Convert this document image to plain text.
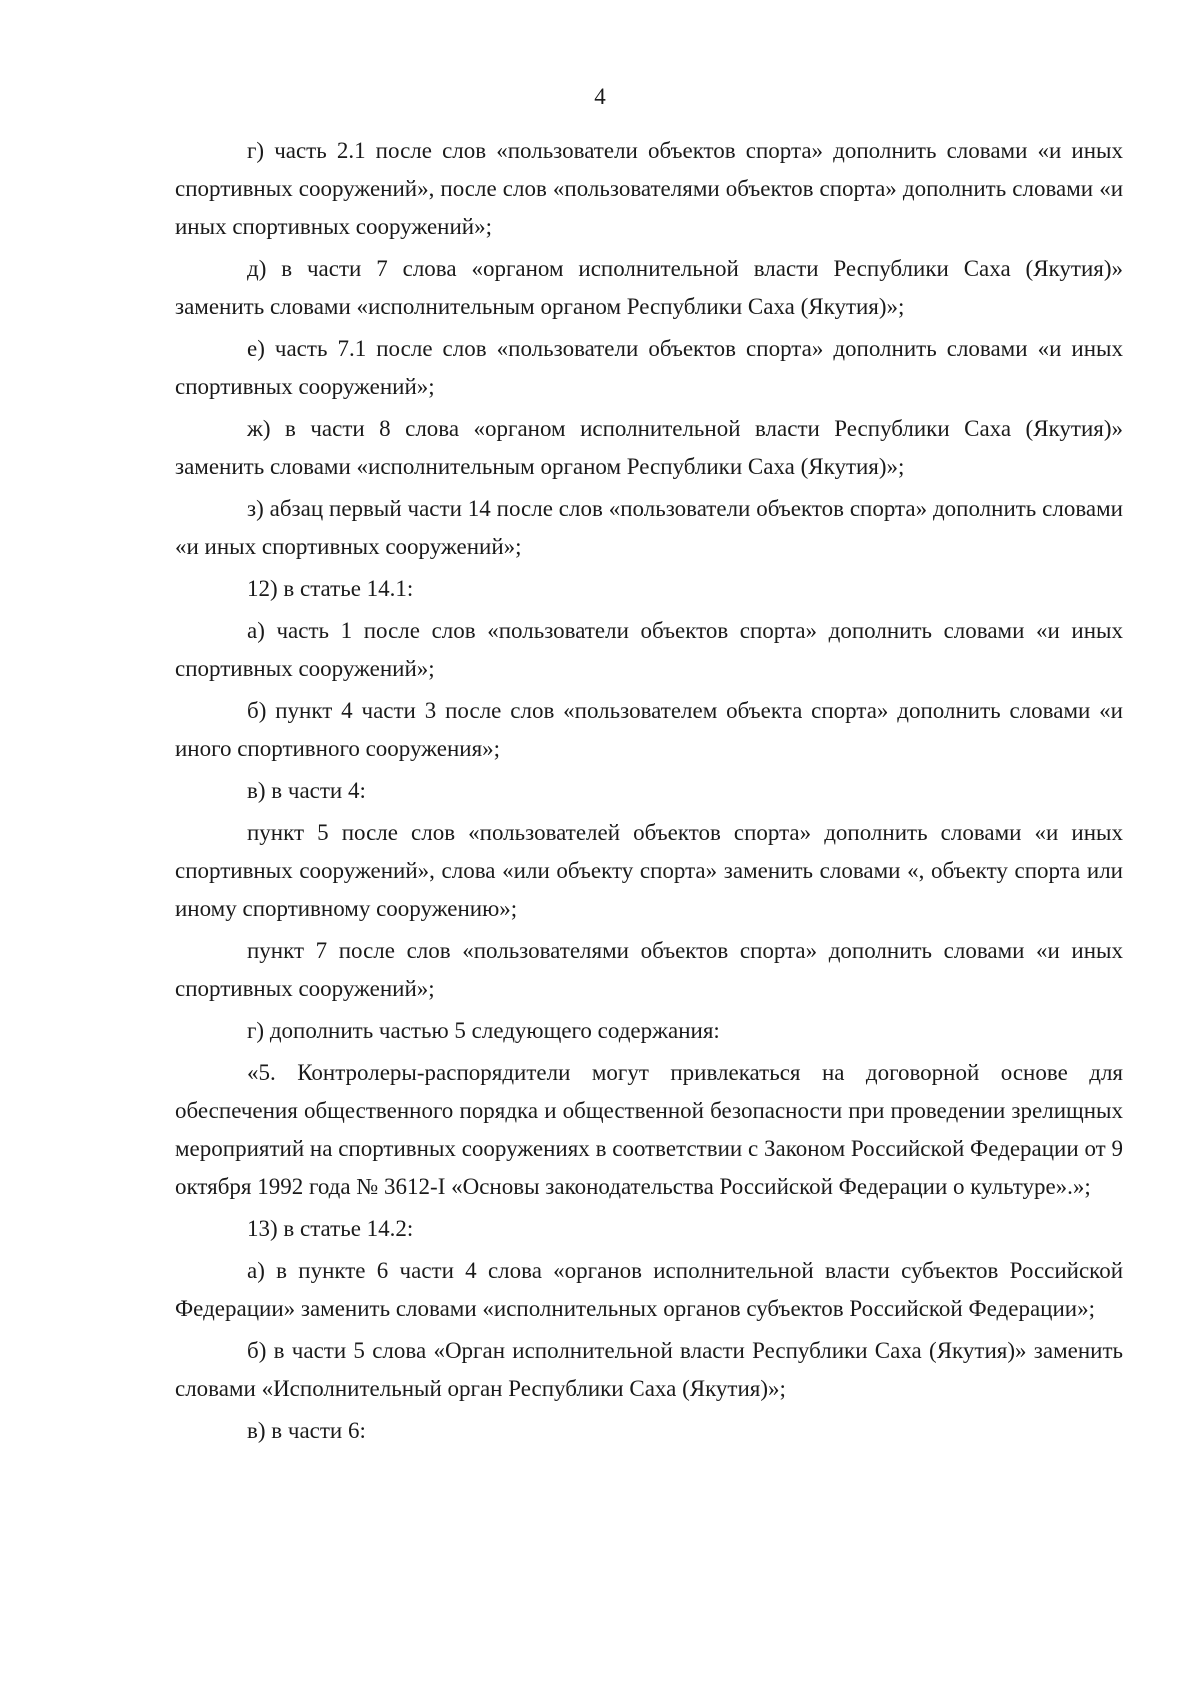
4

г) часть 2.1 после слов «пользователи объектов спорта» дополнить словами «и иных спортивных сооружений», после слов «пользователями объектов спорта» дополнить словами «и иных спортивных сооружений»;

д) в части 7 слова «органом исполнительной власти Республики Саха (Якутия)» заменить словами «исполнительным органом Республики Саха (Якутия)»;

е) часть 7.1 после слов «пользователи объектов спорта» дополнить словами «и иных спортивных сооружений»;

ж) в части 8 слова «органом исполнительной власти Республики Саха (Якутия)» заменить словами «исполнительным органом Республики Саха (Якутия)»;

з) абзац первый части 14 после слов «пользователи объектов спорта» дополнить словами «и иных спортивных сооружений»;

12) в статье 14.1:

а) часть 1 после слов «пользователи объектов спорта» дополнить словами «и иных спортивных сооружений»;

б) пункт 4 части 3 после слов «пользователем объекта спорта» дополнить словами «и иного спортивного сооружения»;

в) в части 4:

пункт 5 после слов «пользователей объектов спорта» дополнить словами «и иных спортивных сооружений», слова «или объекту спорта» заменить словами «, объекту спорта или иному спортивному сооружению»;

пункт 7 после слов «пользователями объектов спорта» дополнить словами «и иных спортивных сооружений»;

г) дополнить частью 5 следующего содержания:

«5. Контролеры-распорядители могут привлекаться на договорной основе для обеспечения общественного порядка и общественной безопасности при проведении зрелищных мероприятий на спортивных сооружениях в соответствии с Законом Российской Федерации от 9 октября 1992 года № 3612-I «Основы законодательства Российской Федерации о культуре».»;

13) в статье 14.2:

а) в пункте 6 части 4 слова «органов исполнительной власти субъектов Российской Федерации» заменить словами «исполнительных органов субъектов Российской Федерации»;

б) в части 5 слова «Орган исполнительной власти Республики Саха (Якутия)» заменить словами «Исполнительный орган Республики Саха (Якутия)»;

в) в части 6:
